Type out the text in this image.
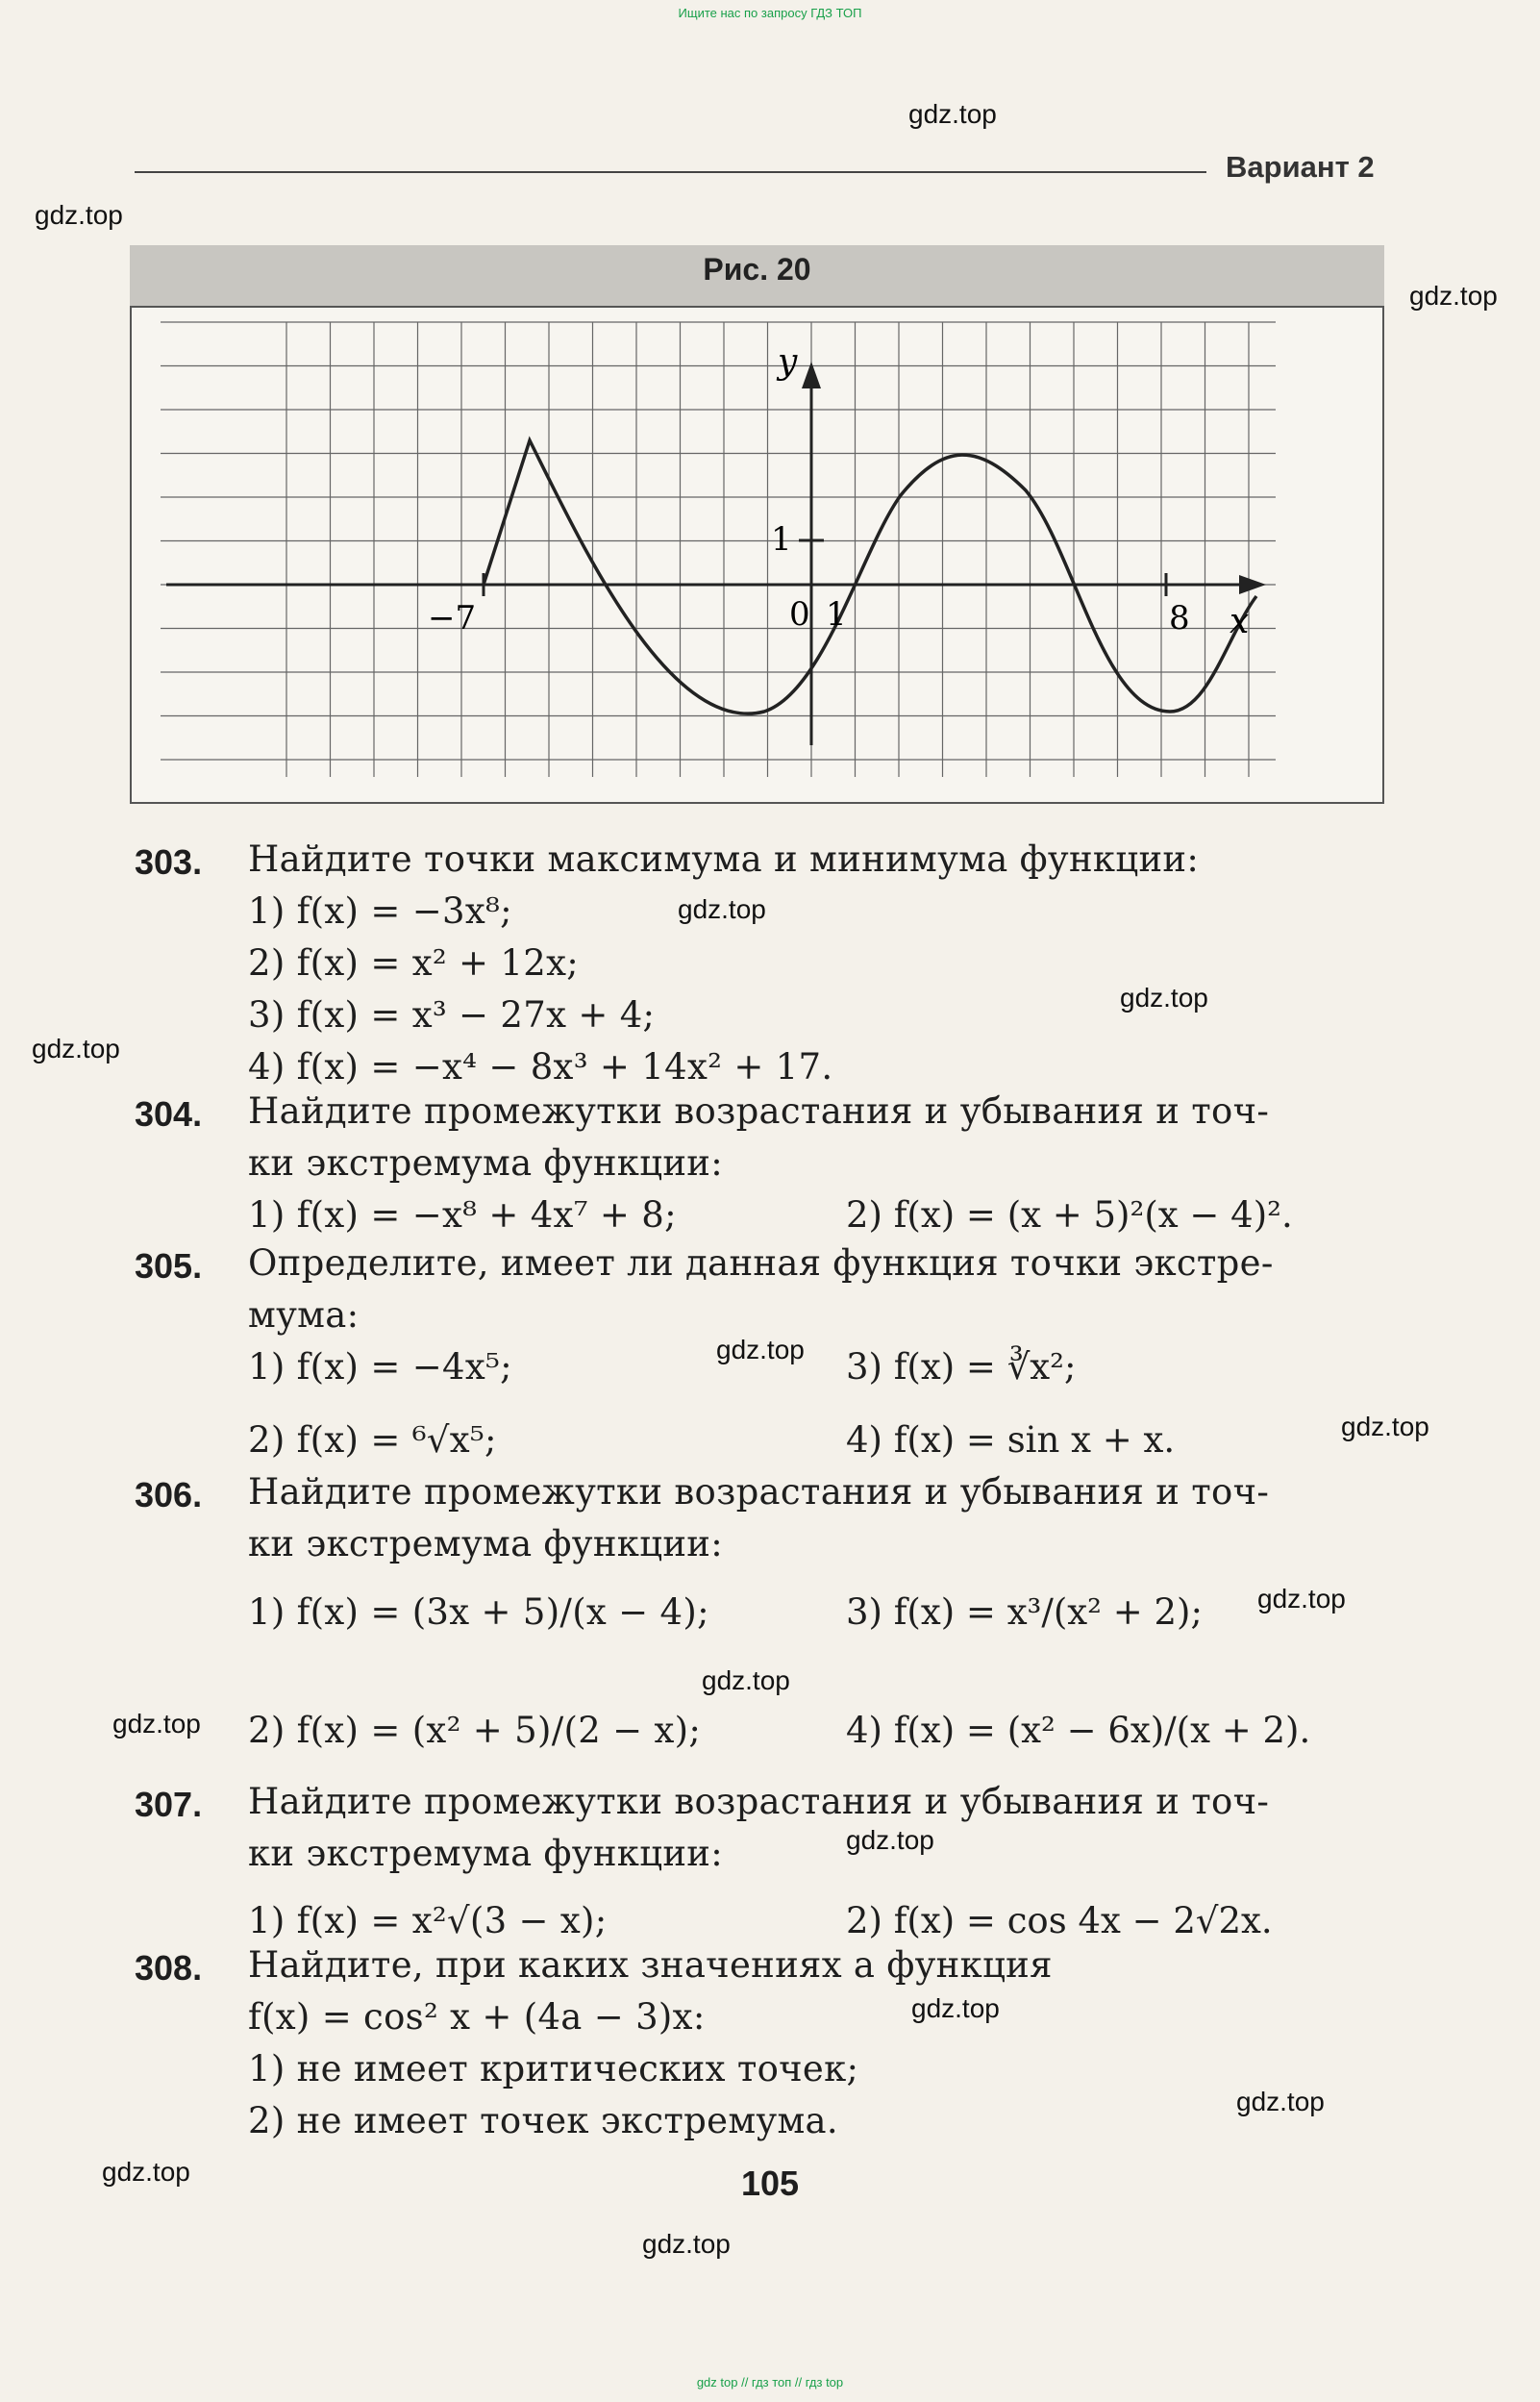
Ищите нас по запросу ГДЗ ТОП
gdz.top
gdz.top
gdz.top
gdz.top
gdz.top
gdz.top
gdz.top
gdz.top
gdz.top
gdz.top
gdz.top
gdz.top
gdz.top
gdz.top
gdz.top
gdz.top
Вариант 2
Рис. 20
y
x
−7	0 1
1
8
303. Найдите точки максимума и минимума функции:
1) f(x) = −3x⁸;
2) f(x) = x² + 12x;
3) f(x) = x³ − 27x + 4;
4) f(x) = −x⁴ − 8x³ + 14x² + 17.
304. Найдите промежутки возрастания и убывания и точ-
ки экстремума функции:
1) f(x) = −x⁸ + 4x⁷ + 8;	2) f(x) = (x + 5)²(x − 4)².
305. Определите, имеет ли данная функция точки экстре-
мума:
1) f(x) = −4x⁵;	3) f(x) = ∛x²;
2) f(x) = ⁶√x⁵;	4) f(x) = sin x + x.
306. Найдите промежутки возрастания и убывания и точ-
ки экстремума функции:
1) f(x) = (3x + 5)/(x − 4);	3) f(x) = x³/(x² + 2);
2) f(x) = (x² + 5)/(2 − x);	4) f(x) = (x² − 6x)/(x + 2).
307. Найдите промежутки возрастания и убывания и точ-
ки экстремума функции:
1) f(x) = x²√(3 − x);	2) f(x) = cos 4x − 2√2x.
308. Найдите, при каких значениях a функция
f(x) = cos² x + (4a − 3)x:
1) не имеет критических точек;
2) не имеет точек экстремума.
105
gdz top // гдз топ // гдз top
